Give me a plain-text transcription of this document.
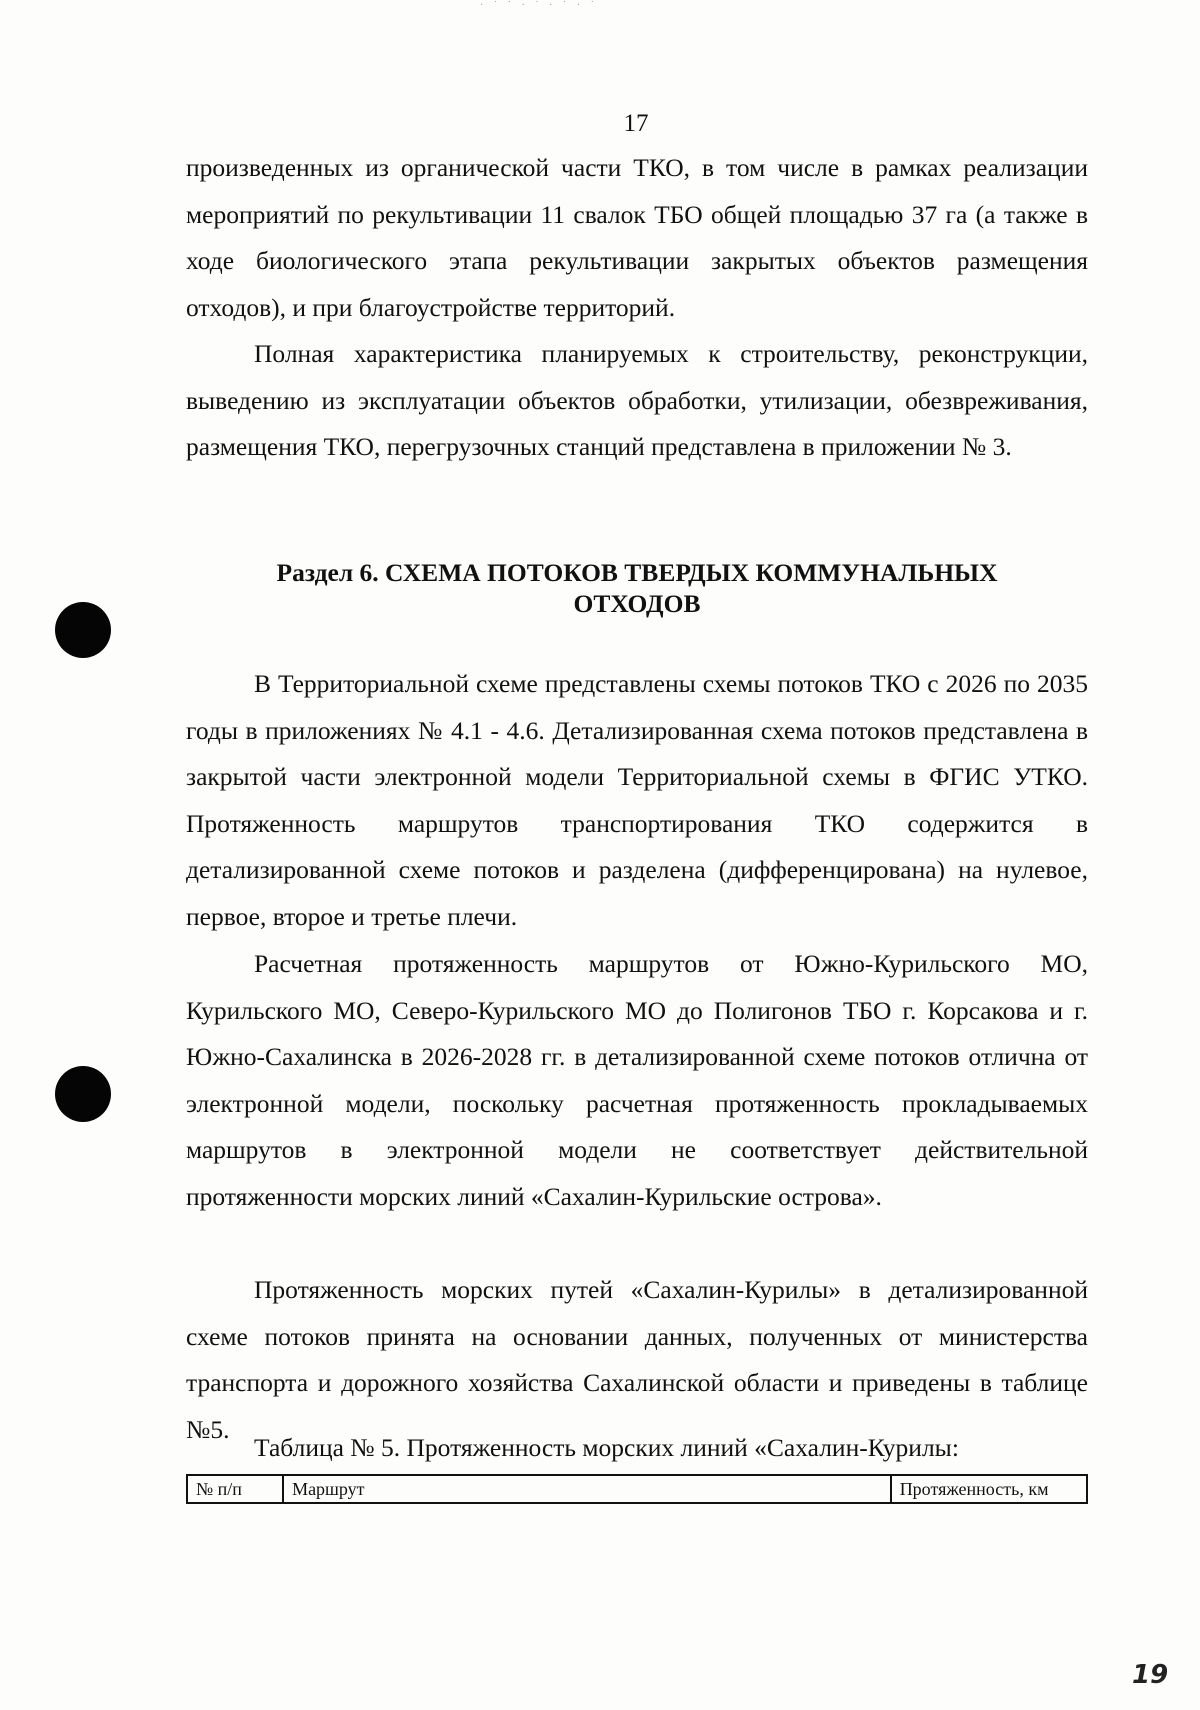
· ˙ ˙ · ˙ · ˙ · ˙
17

произведенных из органической части ТКО, в том числе в рамках реализации мероприятий по рекультивации 11 свалок ТБО общей площадью 37 га (а также в ходе биологического этапа рекультивации закрытых объектов размещения отходов), и при благоустройстве территорий.

Полная характеристика планируемых к строительству, реконструкции, выведению из эксплуатации объектов обработки, утилизации, обезвреживания, размещения ТКО, перегрузочных станций представлена в приложении № 3.

Раздел 6. СХЕМА ПОТОКОВ ТВЕРДЫХ КОММУНАЛЬНЫХ
ОТХОДОВ

В Территориальной схеме представлены схемы потоков ТКО с 2026 по 2035 годы в приложениях № 4.1 - 4.6. Детализированная схема потоков представлена в закрытой части электронной модели Территориальной схемы в ФГИС УТКО. Протяженность маршрутов транспортирования ТКО содержится в детализированной схеме потоков и разделена (дифференцирована) на нулевое, первое, второе и третье плечи.

Расчетная протяженность маршрутов от Южно-Курильского МО, Курильского МО, Северо-Курильского МО до Полигонов ТБО г. Корсакова и г. Южно-Сахалинска в 2026-2028 гг. в детализированной схеме потоков отлична от электронной модели, поскольку расчетная протяженность прокладываемых маршрутов в электронной модели не соответствует действительной протяженности морских линий «Сахалин-Курильские острова».

Протяженность морских путей «Сахалин-Курилы» в детализированной схеме потоков принята на основании данных, полученных от министерства транспорта и дорожного хозяйства Сахалинской области и приведены в таблице №5.

Таблица № 5. Протяженность морских линий «Сахалин-Курилы:
№ п/п	Маршрут	Протяженность, км
19
